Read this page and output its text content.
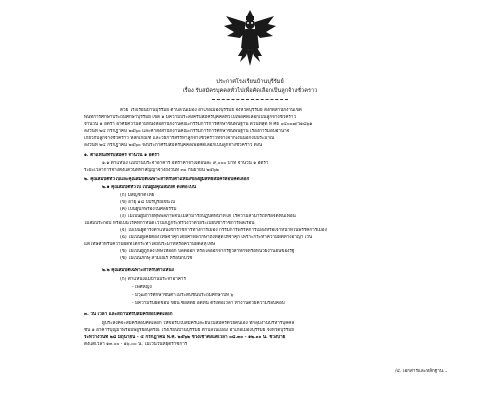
ประกาศโรงเรียนบ้านบุรีรัมย์
เรื่อง รับสมัครบุคคลทั่วไปเพื่อคัดเลือกเป็นลูกจ้างชั่วคราว
ด้วย โรงเรียนบ้านบุรีรัมย์ ตำบลในเมือง อำเภอเมืองบุรีรัมย์ จังหวัดบุรีรัมย์ สังกัดสำนักงานเขต
พื้นที่การศึกษาประถมศึกษาบุรีรัมย์ เขต ๑ มีความประสงค์รับสมัครบุคคลทั่วไปเพื่อคัดเลือกเป็นลูกจ้างชั่วคราว
จำนวน ๑ อัตรา อาศัยความตามหนังสือสำนักงานคณะกรรมการการศึกษาขั้นพื้นฐาน ด่วนที่สุด ที่ ศธ ๐๔๐๐๗/ว๑๘๖๑
ลงวันที่ ๒๔ กรกฎาคม ๒๕๖๐ และคำสั่งสำนักงานคณะกรรมการการศึกษาขั้นพื้นฐาน เรื่องการมอบอำนาจ
เกี่ยวกับลูกจ้างชั่วคราว หลักเกณฑ์ และวิธีการสรรหาลูกจ้างชั่วคราวที่จ้างจากเงินนอกงบประมาณ
ลงวันที่ ๒๔ กรกฎาคม ๒๕๖๐ จึงประกาศรับสมัครบุคคลเพื่อคัดเลือกเป็นลูกจ้างชั่วคราว ดังนี้
๑. ตำแหน่งที่รับสมัคร จำนวน ๑ อัตรา
๑.๑ ตำแหน่ง แม่บ้านประจำอาคาร อัตราค่าจ้างเดือนละ ๙,๐๐๐ บาท จำนวน ๑ อัตรา
ระยะเวลาการจ้างตั้งแต่วันที่ทำสัญญาจ้างถึงวันที่ ๓๐ กันยายน ๒๕๖๒
๒. คุณสมบัติทั่วไปและคุณสมบัติเฉพาะสำหรับตำแหน่งของผู้มีสิทธิสมัครสอบคัดเลือก
๒.๑ คุณสมบัติทั่วไป เป็นผู้มีคุณสมบัติ ดังต่อไปนี้
(ก) มีสัญชาติไทย
(ข) อายุ ๑๘ ปีบริบูรณ์ขึ้นไป
(ค) เป็นผู้บกพร่องในศีลธรรม
(ง) ไม่เป็นผู้มีกายทุพพลภาพจนไม่สามารถปฏิบัติหน้าที่ได้ ไร้ความสามารถหรือจิตฟั่นเฟือน
ไม่สมประกอบ หรือเป็นโรคที่กำหนดไว้ในกฎกระทรวงว่าด้วยระเบียบข้าราชการพลเรือน
(จ) ไม่เป็นผู้ดำรงตำแหน่งข้าราชการทางการเมือง กรรมการพรรคการเมืองหรือเจ้าหน้าที่ในพรรคการเมือง
(ฉ) ไม่เป็นผู้เคยต้องโทษจำคุกโดยคำพิพากษาถึงที่สุดให้จำคุก เพราะกระทำความผิดทางอาญา เว้น
แต่โทษสำหรับความผิดที่ได้กระทำโดยประมาทหรือความผิดลหุโทษ
(ช) ไม่เป็นผู้ถูกลงโทษให้ออก ปลดออก หรือไล่ออกจากรัฐวิสาหกิจหรือหน่วยงานอื่นของรัฐ
(ซ) ไม่เป็นภิกษุ สามเณร หรือนักบวช
๒.๒ คุณสมบัติเฉพาะสำหรับตำแหน่ง
(ก) ตำแหน่งแม่บ้านประจำอาคาร
- เพศหญิง
- มีวุฒิการศึกษาขั้นต่ำไม่ระดับชั้นประถมศึกษาปีที่ ๖
- มีความรับผิดชอบ ขยัน ซื่อสัตย์ อดทน ตรงต่อเวลา ทำงานด้วยความรอบคอบ
๓. วัน เวลา และสถานที่รับสมัครสอบคัดเลือก
ผู้ประสงค์จะสมัครสอบคัดเลือก ให้ขอรับใบสมัครและยื่นใบสมัครด้วยตนเอง ที่กลุ่มงานบริหารบุคคล
ชั้น ๑ อาคารบุญมาพร้อมพยูรย์อนุสรณ์ โรงเรียนบ้านบุรีรัมย์ ตำบลในเมือง อำเภอเมืองบุรีรัมย์ จังหวัดบุรีรัมย์
ระหว่างวันที่ ๒๘ มิถุนายน - ๔ กรกฎาคม พ.ศ. ๒๕๖๒ ช่วงเช้าตั้งแต่เวลา ๐๘.๓๐ - ๑๒.๐๐ น. ช่วงบ่าย
ตั้งแต่เวลา ๑๓.๐๐ - ๑๖.๐๐ น. ไม่เว้นวันหยุดราชการ
/๔. เอกสารและหลักฐาน...
